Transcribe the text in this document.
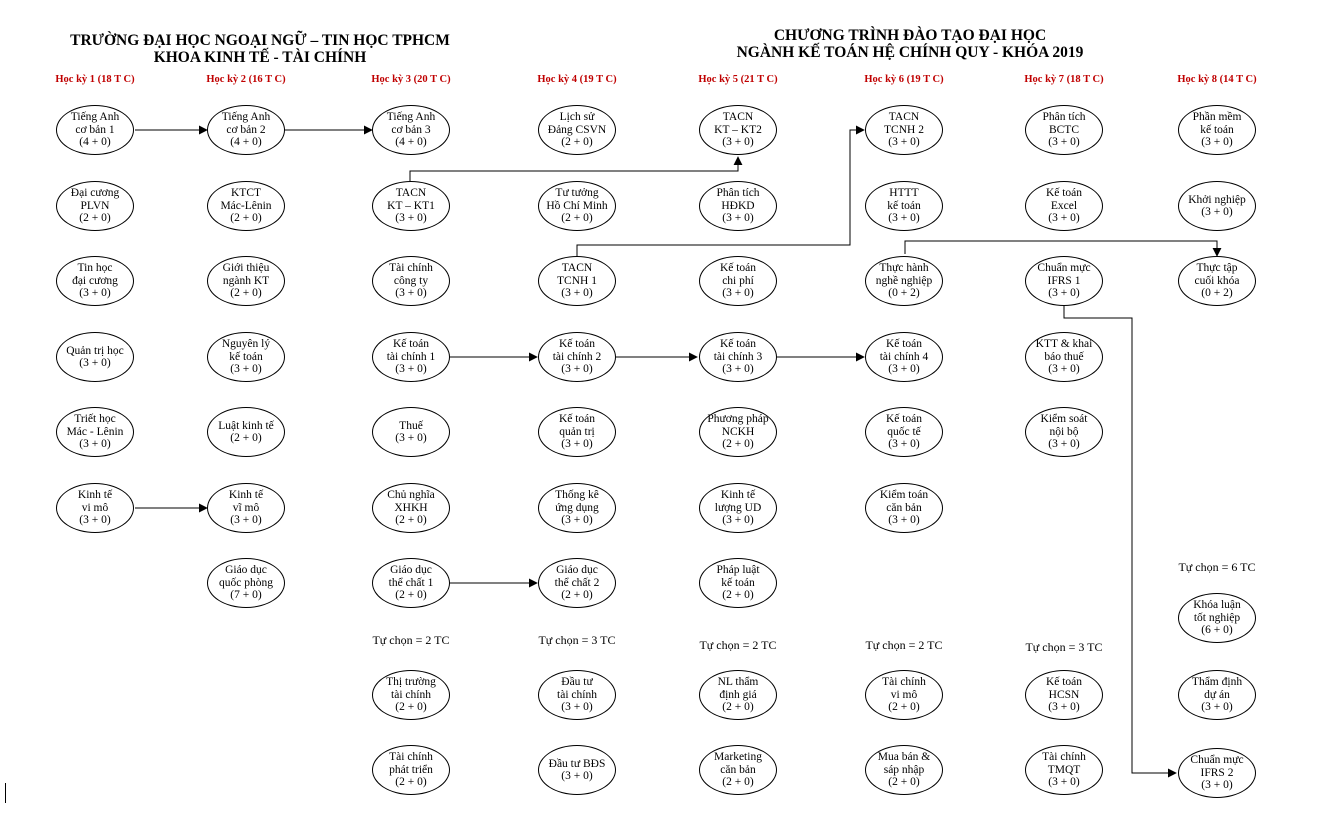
TRƯỜNG ĐẠI HỌC NGOẠI NGỮ – TIN HỌC TPHCM
KHOA KINH TẾ - TÀI CHÍNH
CHƯƠNG TRÌNH ĐÀO TẠO ĐẠI HỌC
NGÀNH KẾ TOÁN HỆ CHÍNH QUY - KHÓA 2019
Học kỳ 1 (18 T C)	Học kỳ 2 (16 T C)	Học kỳ 3 (20 T C)	Học kỳ 4 (19 T C)	Học kỳ 5 (21 T C)	Học kỳ 6 (19 T C)	Học kỳ 7 (18 T C)	Học kỳ 8 (14 T C)
Tiếng Anh
cơ bản 1
(4 + 0)
Đại cương
PLVN
(2 + 0)
Tin học
đại cương
(3 + 0)
Quản trị học
(3 + 0)
Triết học
Mác - Lênin
(3 + 0)
Kinh tế
vi mô
(3 + 0)
Tiếng Anh
cơ bản 2
(4 + 0)
KTCT
Mác-Lênin
(2 + 0)
Giới thiệu
ngành KT
(2 + 0)
Nguyên lý
kế toán
(3 + 0)
Luật kinh tế
(2 + 0)
Kinh tế
vĩ mô
(3 + 0)
Giáo dục
quốc phòng
(7 + 0)
Tiếng Anh
cơ bản 3
(4 + 0)
TACN
KT – KT1
(3 + 0)
Tài chính
công ty
(3 + 0)
Kế toán
tài chính 1
(3 + 0)
Thuế
(3 + 0)
Chủ nghĩa
XHKH
(2 + 0)
Giáo dục
thể chất 1
(2 + 0)
Lịch sử
Đảng CSVN
(2 + 0)
Tư tưởng
Hồ Chí Minh
(2 + 0)
TACN
TCNH 1
(3 + 0)
Kế toán
tài chính 2
(3 + 0)
Kế toán
quản trị
(3 + 0)
Thống kê
ứng dụng
(3 + 0)
Giáo dục
thể chất 2
(2 + 0)
TACN
KT – KT2
(3 + 0)
Phân tích
HĐKD
(3 + 0)
Kế toán
chi phí
(3 + 0)
Kế toán
tài chính 3
(3 + 0)
Phương pháp
NCKH
(2 + 0)
Kinh tế
lượng UD
(3 + 0)
Pháp luật
kế toán
(2 + 0)
TACN
TCNH 2
(3 + 0)
HTTT
kế toán
(3 + 0)
Thực hành
nghề nghiệp
(0 + 2)
Kế toán
tài chính 4
(3 + 0)
Kế toán
quốc tế
(3 + 0)
Kiểm toán
căn bản
(3 + 0)
Phân tích
BCTC
(3 + 0)
Kế toán
Excel
(3 + 0)
Chuẩn mực
IFRS 1
(3 + 0)
KTT & khai
báo thuế
(3 + 0)
Kiểm soát
nội bộ
(3 + 0)
Phần mềm
kế toán
(3 + 0)
Khởi nghiệp
(3 + 0)
Thực tập
cuối khóa
(0 + 2)
Tự chọn = 2 TC
Thị trường
tài chính
(2 + 0)
Tài chính
phát triển
(2 + 0)
Tự chọn = 3 TC
Đầu tư
tài chính
(3 + 0)
Đầu tư BĐS
(3 + 0)
Tự chọn = 2 TC
NL thẩm
định giá
(2 + 0)
Marketing
căn bản
(2 + 0)
Tự chọn = 2 TC
Tài chính
vi mô
(2 + 0)
Mua bán &
sáp nhập
(2 + 0)
Tự chọn = 3 TC
Kế toán
HCSN
(3 + 0)
Tài chính
TMQT
(3 + 0)
Tự chọn = 6 TC
Khóa luận
tốt nghiệp
(6 + 0)
Thẩm định
dự án
(3 + 0)
Chuẩn mực
IFRS 2
(3 + 0)
